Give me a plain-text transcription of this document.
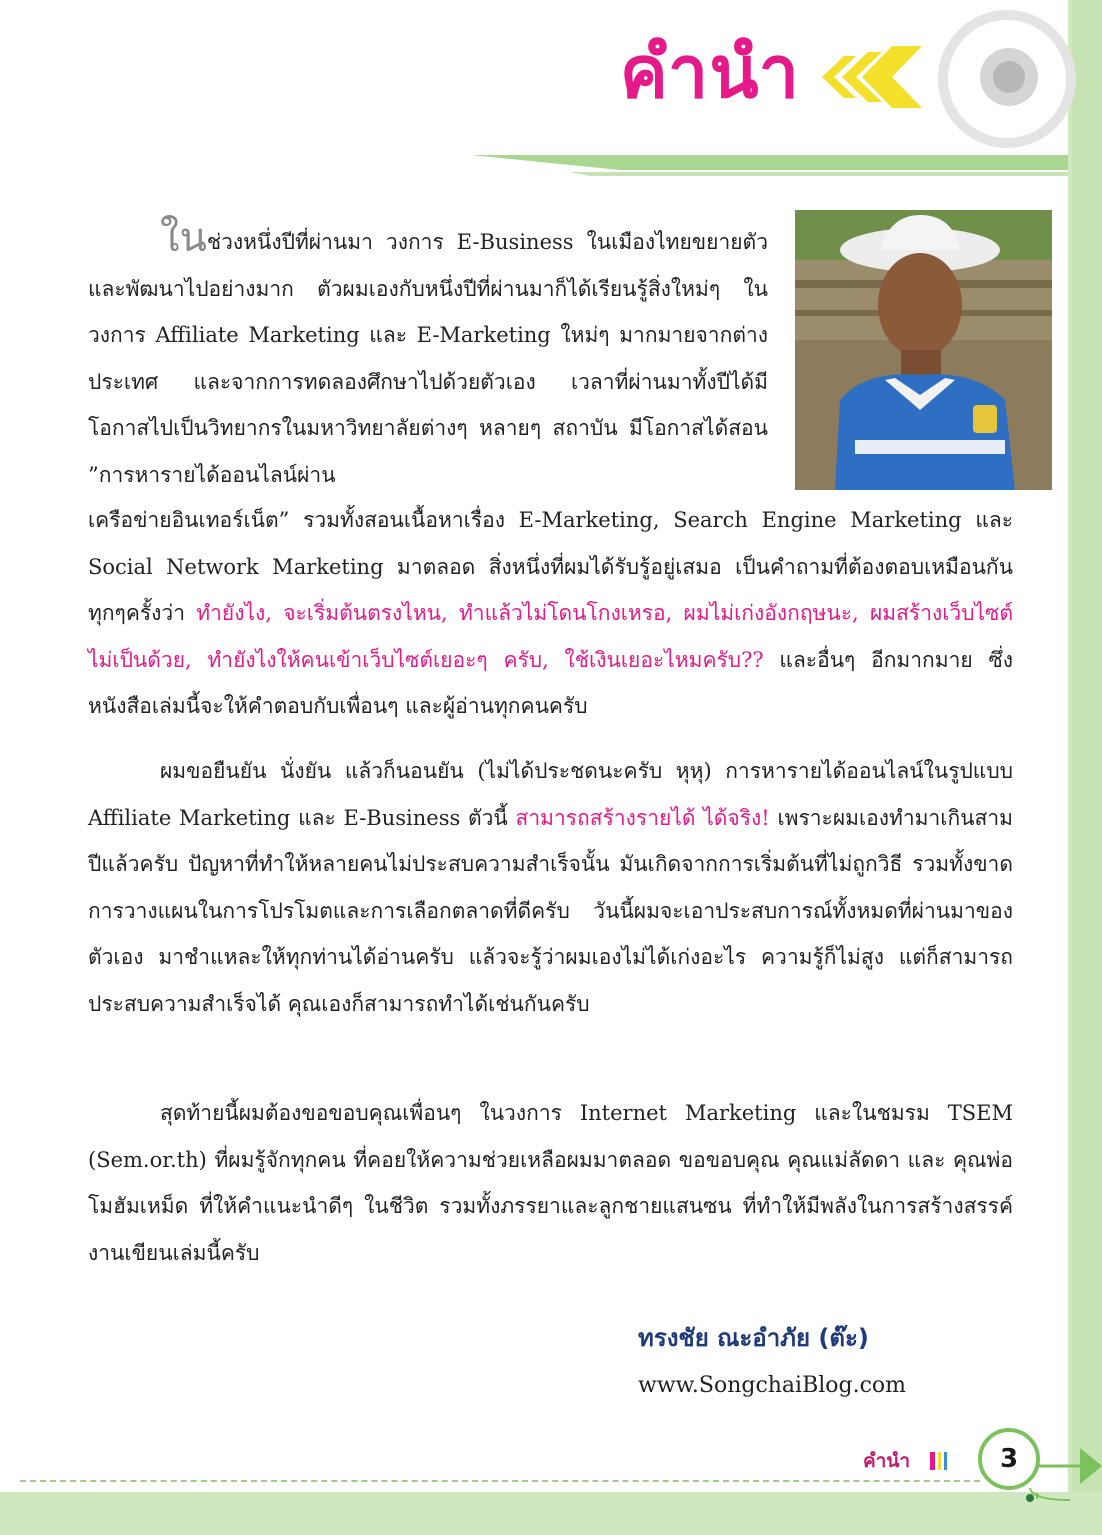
คำนำ
ในช่วงหนึ่งปีที่ผ่านมา วงการ E-Business ในเมืองไทยขยายตัวและพัฒนาไปอย่างมาก ตัวผมเองกับหนึ่งปีที่ผ่านมาก็ได้เรียนรู้สิ่งใหม่ๆ ในวงการ Affiliate Marketing และ E-Marketing ใหม่ๆ มากมายจากต่างประเทศ และจากการทดลองศึกษาไปด้วยตัวเอง เวลาที่ผ่านมาทั้งปีได้มีโอกาสไปเป็นวิทยากรในมหาวิทยาลัยต่างๆ หลายๆ สถาบัน มีโอกาสได้สอน ”การหารายได้ออนไลน์ผ่าน
เครือข่ายอินเทอร์เน็ต” รวมทั้งสอนเนื้อหาเรื่อง E-Marketing, Search Engine Marketing และ Social Network Marketing มาตลอด สิ่งหนึ่งที่ผมได้รับรู้อยู่เสมอ เป็นคำถามที่ต้องตอบเหมือนกันทุกๆครั้งว่า ทำยังไง, จะเริ่มต้นตรงไหน, ทำแล้วไม่โดนโกงเหรอ, ผมไม่เก่งอังกฤษนะ, ผมสร้างเว็บไซต์ไม่เป็นด้วย, ทำยังไงให้คนเข้าเว็บไซต์เยอะๆ ครับ, ใช้เงินเยอะไหมครับ?? และอื่นๆ อีกมากมาย ซึ่งหนังสือเล่มนี้จะให้คำตอบกับเพื่อนๆ และผู้อ่านทุกคนครับ
ผมขอยืนยัน นั่งยัน แล้วก็นอนยัน (ไม่ได้ประชดนะครับ หุหุ) การหารายได้ออนไลน์ในรูปแบบ Affiliate Marketing และ E-Business ตัวนี้ สามารถสร้างรายได้ ได้จริง! เพราะผมเองทำมาเกินสามปีแล้วครับ ปัญหาที่ทำให้หลายคนไม่ประสบความสำเร็จนั้น มันเกิดจากการเริ่มต้นที่ไม่ถูกวิธี รวมทั้งขาดการวางแผนในการโปรโมตและการเลือกตลาดที่ดีครับ วันนี้ผมจะเอาประสบการณ์ทั้งหมดที่ผ่านมาของตัวเอง มาชำแหละให้ทุกท่านได้อ่านครับ แล้วจะรู้ว่าผมเองไม่ได้เก่งอะไร ความรู้ก็ไม่สูง แต่ก็สามารถประสบความสำเร็จได้ คุณเองก็สามารถทำได้เช่นกันครับ
สุดท้ายนี้ผมต้องขอขอบคุณเพื่อนๆ ในวงการ Internet Marketing และในชมรม TSEM (Sem.or.th) ที่ผมรู้จักทุกคน ที่คอยให้ความช่วยเหลือผมมาตลอด ขอขอบคุณ คุณแม่ลัดดา และ คุณพ่อโมฮัมเหม็ด ที่ให้คำแนะนำดีๆ ในชีวิต รวมทั้งภรรยาและลูกชายแสนซน ที่ทำให้มีพลังในการสร้างสรรค์งานเขียนเล่มนี้ครับ
ทรงชัย ณะอำภัย (ต๊ะ)
www.SongchaiBlog.com
คำนำ	3
